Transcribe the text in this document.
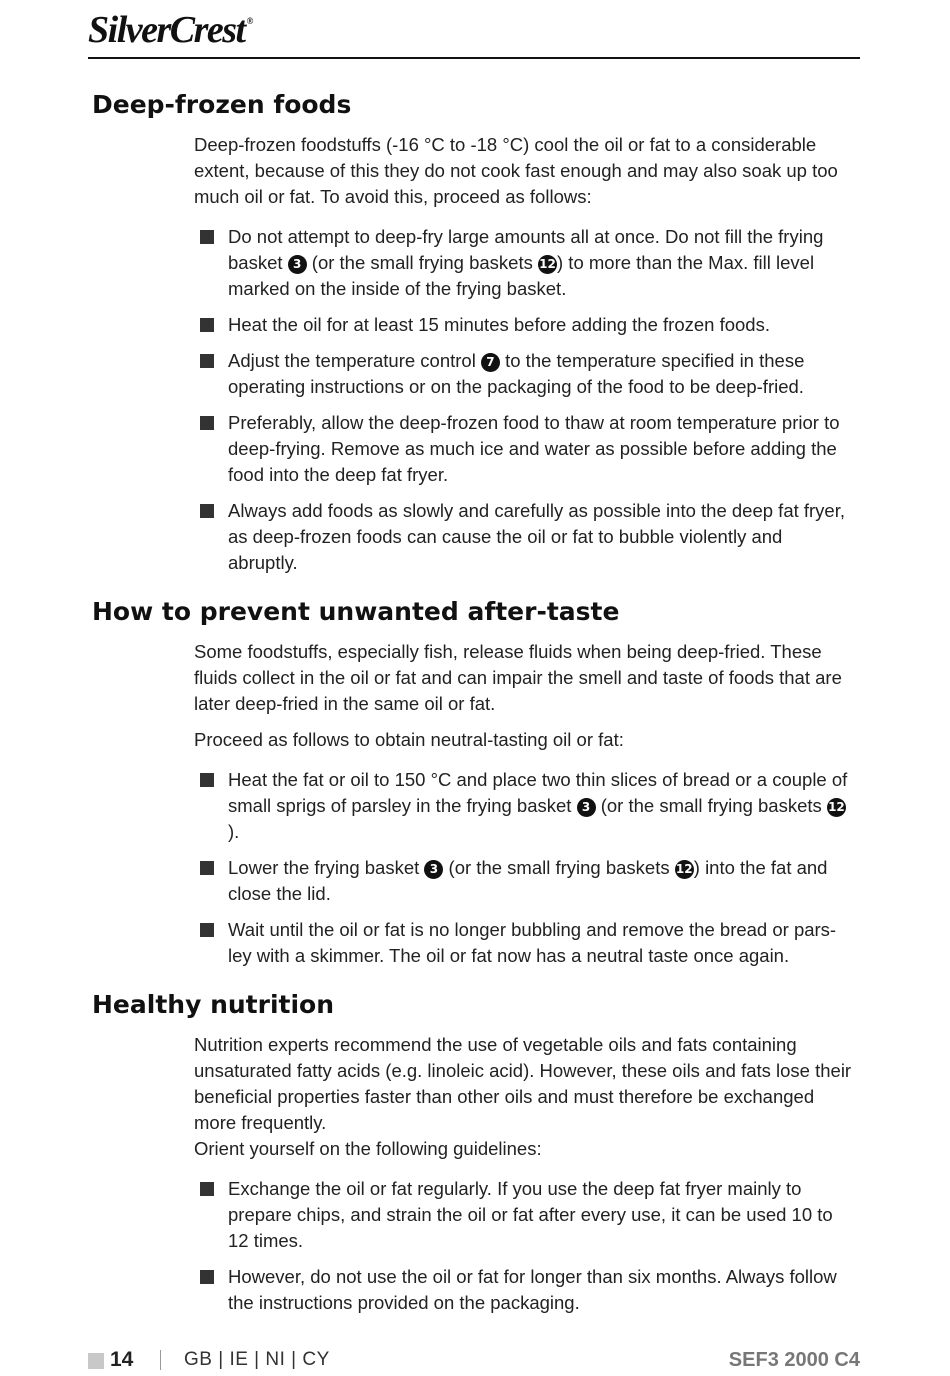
SilverCrest ®
Deep-frozen foods

Deep-frozen foodstuffs (-16 °C to -18 °C) cool the oil or fat to a considerable extent, because of this they do not cook fast enough and may also soak up too much oil or fat. To avoid this, proceed as follows:

Do not attempt to deep-fry large amounts all at once. Do not fill the frying basket 3 (or the small frying baskets 12) to more than the Max. fill level marked on the inside of the frying basket.
Heat the oil for at least 15 minutes before adding the frozen foods.
Adjust the temperature control 7 to the temperature specified in these operating instructions or on the packaging of the food to be deep-fried.
Preferably, allow the deep-frozen food to thaw at room temperature prior to deep-frying. Remove as much ice and water as possible before adding the food into the deep fat fryer.
Always add foods as slowly and carefully as possible into the deep fat fryer, as deep-frozen foods can cause the oil or fat to bubble violently and abruptly.
How to prevent unwanted after-taste

Some foodstuffs, especially fish, release fluids when being deep-fried. These fluids collect in the oil or fat and can impair the smell and taste of foods that are later deep-fried in the same oil or fat.

Proceed as follows to obtain neutral-tasting oil or fat:

Heat the fat or oil to 150 °C and place two thin slices of bread or a couple of small sprigs of parsley in the frying basket 3 (or the small frying baskets 12).
Lower the frying basket 3 (or the small frying baskets 12) into the fat and close the lid.
Wait until the oil or fat is no longer bubbling and remove the bread or pars-ley with a skimmer. The oil or fat now has a neutral taste once again.
Healthy nutrition

Nutrition experts recommend the use of vegetable oils and fats containing unsaturated fatty acids (e.g. linoleic acid). However, these oils and fats lose their beneficial properties faster than other oils and must therefore be exchanged more frequently.

Orient yourself on the following guidelines:

Exchange the oil or fat regularly. If you use the deep fat fryer mainly to prepare chips, and strain the oil or fat after every use, it can be used 10 to 12 times.
However, do not use the oil or fat for longer than six months. Always follow the instructions provided on the packaging.
14	GB | IE | NI | CY	SEF3 2000 C4
